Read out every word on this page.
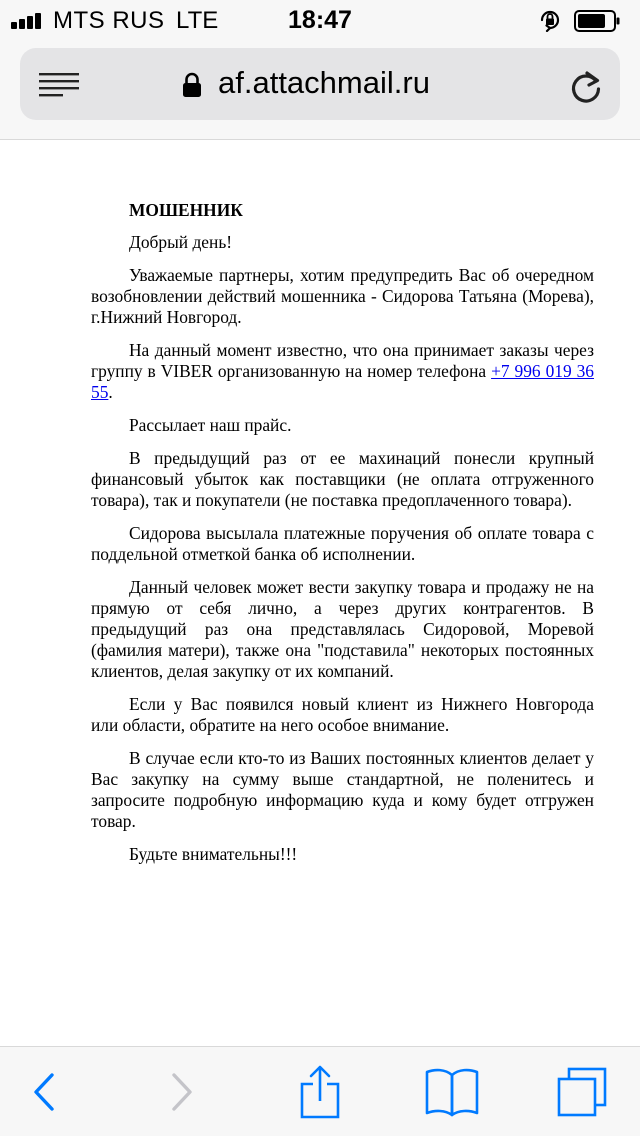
MTS RUS LTE	18:47
af.attachmail.ru

МОШЕННИК

Добрый день!

Уважаемые партнеры, хотим предупредить Вас об очередном возобновлении действий мошенника - Сидорова Татьяна (Морева), г.Нижний Новгород.

На данный момент известно, что она принимает заказы через группу в VIBER организованную на номер телефона +7 996 019 36 55.

Рассылает наш прайс.

В предыдущий раз от ее махинаций понесли крупный финансовый убыток как поставщики (не оплата отгруженного товара), так и покупатели (не поставка предоплаченного товара).

Сидорова высылала платежные поручения об оплате товара с поддельной отметкой банка об исполнении.

Данный человек может вести закупку товара и продажу не на прямую от себя лично, а через других контрагентов. В предыдущий раз она представлялась Сидоровой, Моревой (фамилия матери), также она "подставила" некоторых постоянных клиентов, делая закупку от их компаний.

Если у Вас появился новый клиент из Нижнего Новгорода или области, обратите на него особое внимание.

В случае если кто-то из Ваших постоянных клиентов делает у Вас закупку на сумму выше стандартной, не поленитесь и запросите подробную информацию куда и кому будет отгружен товар.

Будьте внимательны!!!
